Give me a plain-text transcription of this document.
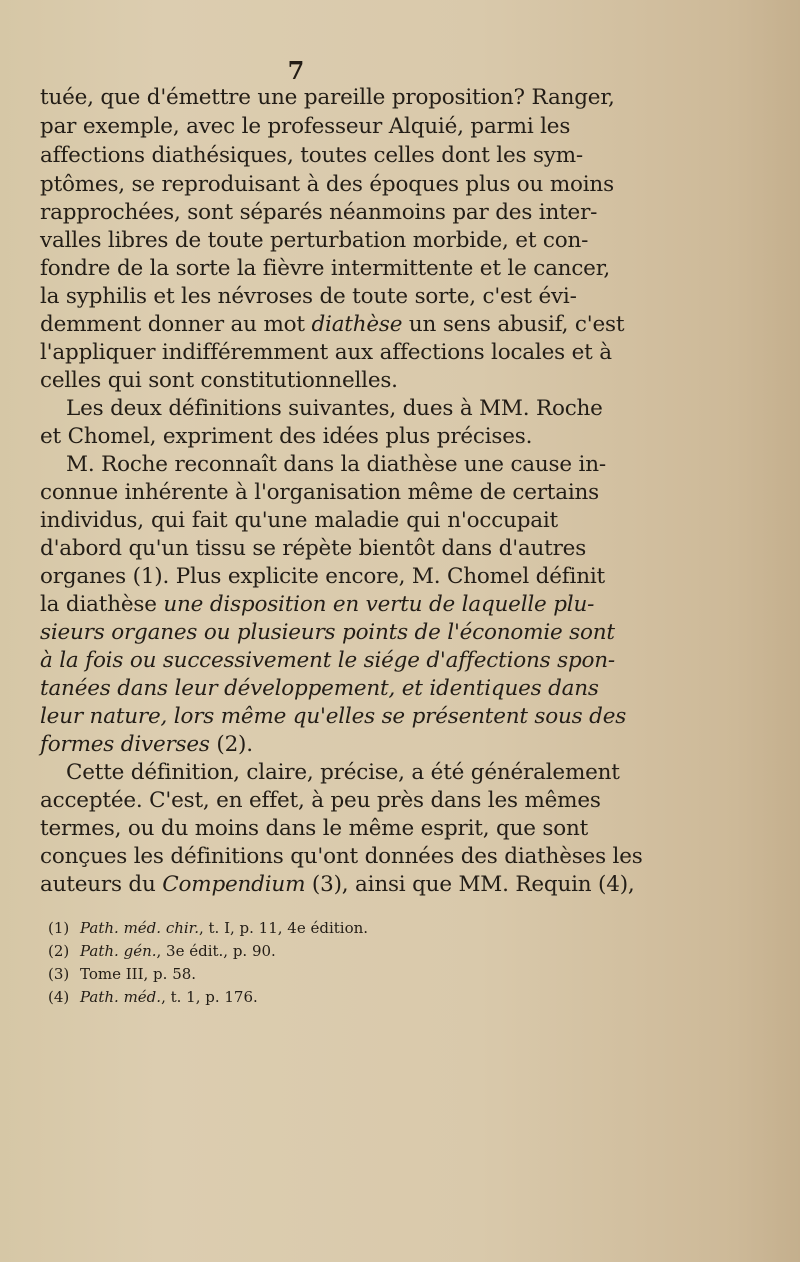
7
tuée, que d'émettre une pareille proposition? Ranger,
par exemple, avec le professeur Alquié, parmi les
affections diathésiques, toutes celles dont les sym-
ptômes, se reproduisant à des époques plus ou moins
rapprochées, sont séparés néanmoins par des inter-
valles libres de toute perturbation morbide, et con-
fondre de la sorte la fièvre intermittente et le cancer,
la syphilis et les névroses de toute sorte, c'est évi-
demment donner au mot diathèse un sens abusif, c'est
l'appliquer indifféremment aux affections locales et à
celles qui sont constitutionnelles.
Les deux définitions suivantes, dues à MM. Roche
et Chomel, expriment des idées plus précises.
M. Roche reconnaît dans la diathèse une cause in-
connue inhérente à l'organisation même de certains
individus, qui fait qu'une maladie qui n'occupait
d'abord qu'un tissu se répète bientôt dans d'autres
organes (1). Plus explicite encore, M. Chomel définit
la diathèse une disposition en vertu de laquelle plu-
sieurs organes ou plusieurs points de l'économie sont
à la fois ou successivement le siége d'affections spon-
tanées dans leur développement, et identiques dans
leur nature, lors même qu'elles se présentent sous des
formes diverses (2).
Cette définition, claire, précise, a été généralement
acceptée. C'est, en effet, à peu près dans les mêmes
termes, ou du moins dans le même esprit, que sont
conçues les définitions qu'ont données des diathèses les
auteurs du Compendium (3), ainsi que MM. Requin (4),
(1) Path. méd. chir., t. I, p. 11, 4e édition.
(2) Path. gén., 3e édit., p. 90.
(3) Tome III, p. 58.
(4) Path. méd., t. 1, p. 176.
